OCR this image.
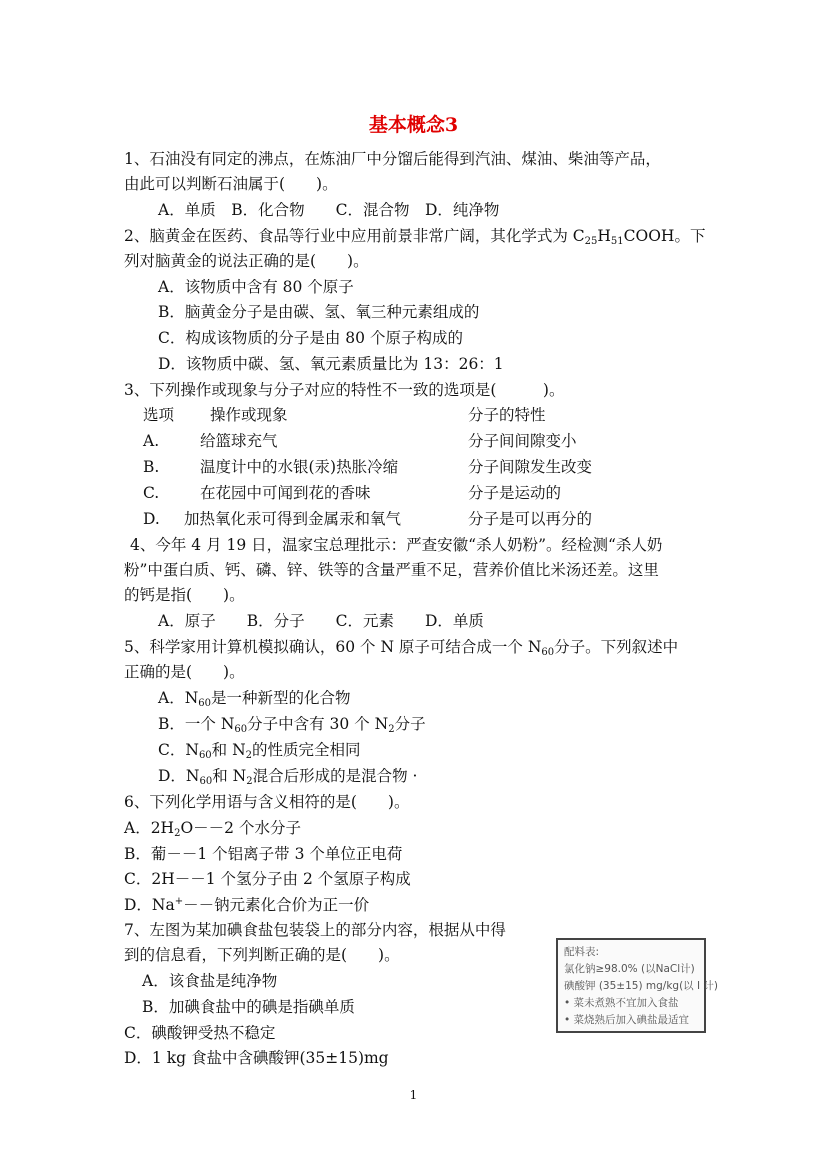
基本概念3
1、石油没有同定的沸点，在炼油厂中分馏后能得到汽油、煤油、柴油等产品，
由此可以判断石油属于(　　)。
A．单质　B．化合物　　C．混合物　D．纯净物
2、脑黄金在医药、食品等行业中应用前景非常广阔，其化学式为 $C_{25}H_{51}COOH$。下
列对脑黄金的说法正确的是(　　)。
A．该物质中含有 80 个原子
B．脑黄金分子是由碳、氢、氧三种元素组成的
C．构成该物质的分子是由 80 个原子构成的
D．该物质中碳、氢、氧元素质量比为 13：26：1
3、下列操作或现象与分子对应的特性不一致的选项是(　　　)。
选项 操作或现象	分子的特性
A.	给篮球充气	分子间间隙变小
B.	温度计中的水银(汞)热胀冷缩	分子间隙发生改变
C.	在花园中可闻到花的香味	分子是运动的
D. 加热氧化汞可得到金属汞和氧气	分子是可以再分的
4、今年 4 月 19 日，温家宝总理批示：严查安徽“杀人奶粉”。经检测“杀人奶
粉”中蛋白质、钙、磷、锌、铁等的含量严重不足，营养价值比米汤还差。这里
的钙是指(　　)。
A．原子　　B．分子　　C．元素　　D．单质
5、科学家用计算机模拟确认，60 个 N 原子可结合成一个 $N_{60}$分子。下列叙述中
正确的是(　　)。
A．$N_{60}$是一种新型的化合物
B．一个 $N_{60}$分子中含有 30 个 $N_2$分子
C．$N_{60}$和 $N_2$的性质完全相同
D．$N_{60}$和 $N_2$混合后形成的是混合物 ·
6、下列化学用语与含义相符的是(　　)。
A．$2H_2O--2$ 个水分子
B．葡－－1 个铝离子带 3 个单位正电荷
C．2H－－1 个氢分子由 2 个氢原子构成
D．Na+－－钠元素化合价为正一价
7、左图为某加碘食盐包装袋上的部分内容，根据从中得
到的信息看，下列判断正确的是(　　)。
A．该食盐是纯净物
B．加碘食盐中的碘是指碘单质
C．碘酸钾受热不稳定
D．1 kg 食盐中含碘酸钾(35±15)mg
配料表:
氯化钠≥98.0% (以NaCl计)
碘酸钾 (35±15) mg/kg(以 I 计)
• 菜未煮熟不宜加入食盐
• 菜烧熟后加入碘盐最适宜
1
